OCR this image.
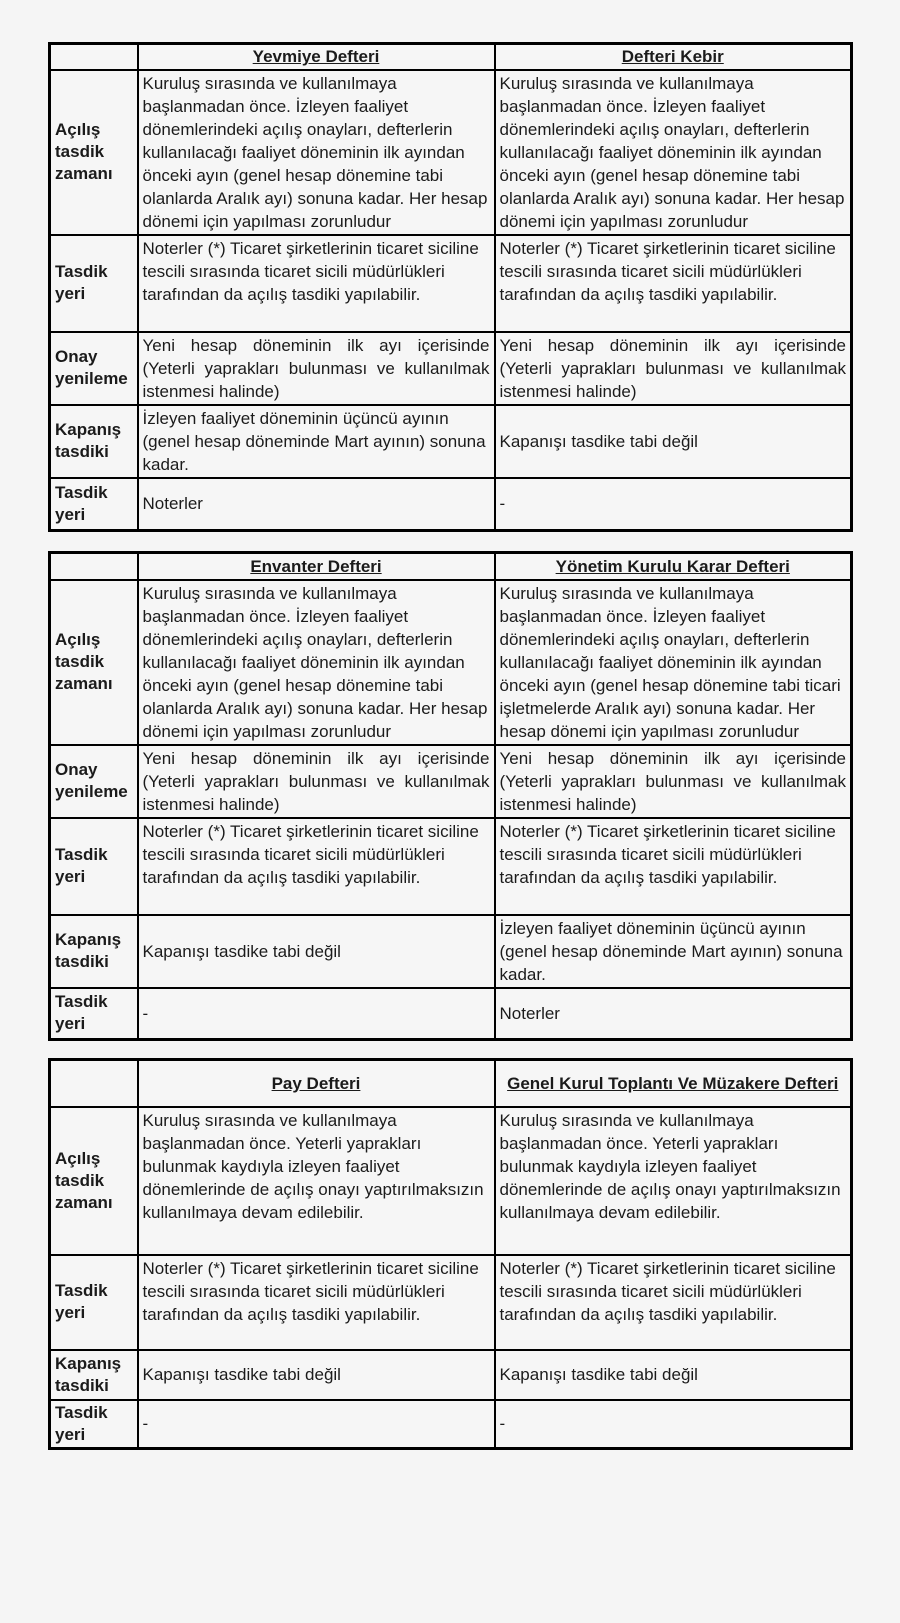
	Yevmiye Defteri	Defteri Kebir
Açılış tasdik zamanı	Kuruluş sırasında ve kullanılmaya başlanmadan önce. İzleyen faaliyet dönemlerindeki açılış onayları, defterlerin kullanılacağı faaliyet döneminin ilk ayından önceki ayın (genel hesap dönemine tabi olanlarda Aralık ayı) sonuna kadar. Her hesap dönemi için yapılması zorunludur	Kuruluş sırasında ve kullanılmaya başlanmadan önce. İzleyen faaliyet dönemlerindeki açılış onayları, defterlerin kullanılacağı faaliyet döneminin ilk ayından önceki ayın (genel hesap dönemine tabi olanlarda Aralık ayı) sonuna kadar. Her hesap dönemi için yapılması zorunludur
Tasdik yeri	Noterler (*) Ticaret şirketlerinin ticaret siciline tescili sırasında ticaret sicili müdürlükleri tarafından da açılış tasdiki yapılabilir.	Noterler (*) Ticaret şirketlerinin ticaret siciline tescili sırasında ticaret sicili müdürlükleri tarafından da açılış tasdiki yapılabilir.
Onay yenileme	Yeni hesap döneminin ilk ayı içerisinde (Yeterli yaprakları bulunması ve kullanılmak istenmesi halinde)	Yeni hesap döneminin ilk ayı içerisinde (Yeterli yaprakları bulunması ve kullanılmak istenmesi halinde)
Kapanış tasdiki	İzleyen faaliyet döneminin üçüncü ayının (genel hesap döneminde Mart ayının) sonuna kadar.	Kapanışı tasdike tabi değil
Tasdik yeri	Noterler	-
	Envanter Defteri	Yönetim Kurulu Karar Defteri
Açılış tasdik zamanı	Kuruluş sırasında ve kullanılmaya başlanmadan önce. İzleyen faaliyet dönemlerindeki açılış onayları, defterlerin kullanılacağı faaliyet döneminin ilk ayından önceki ayın (genel hesap dönemine tabi olanlarda Aralık ayı) sonuna kadar. Her hesap dönemi için yapılması zorunludur	Kuruluş sırasında ve kullanılmaya başlanmadan önce. İzleyen faaliyet dönemlerindeki açılış onayları, defterlerin kullanılacağı faaliyet döneminin ilk ayından önceki ayın (genel hesap dönemine tabi ticari işletmelerde Aralık ayı) sonuna kadar. Her hesap dönemi için yapılması zorunludur
Onay yenileme	Yeni hesap döneminin ilk ayı içerisinde (Yeterli yaprakları bulunması ve kullanılmak istenmesi halinde)	Yeni hesap döneminin ilk ayı içerisinde (Yeterli yaprakları bulunması ve kullanılmak istenmesi halinde)
Tasdik yeri	Noterler (*) Ticaret şirketlerinin ticaret siciline tescili sırasında ticaret sicili müdürlükleri tarafından da açılış tasdiki yapılabilir.	Noterler (*) Ticaret şirketlerinin ticaret siciline tescili sırasında ticaret sicili müdürlükleri tarafından da açılış tasdiki yapılabilir.
Kapanış tasdiki	Kapanışı tasdike tabi değil	İzleyen faaliyet döneminin üçüncü ayının (genel hesap döneminde Mart ayının) sonuna kadar.
Tasdik yeri	-	Noterler
	Pay Defteri	Genel Kurul Toplantı Ve Müzakere Defteri
Açılış tasdik zamanı	Kuruluş sırasında ve kullanılmaya başlanmadan önce. Yeterli yaprakları bulunmak kaydıyla izleyen faaliyet dönemlerinde de açılış onayı yaptırılmaksızın kullanılmaya devam edilebilir.	Kuruluş sırasında ve kullanılmaya başlanmadan önce. Yeterli yaprakları bulunmak kaydıyla izleyen faaliyet dönemlerinde de açılış onayı yaptırılmaksızın kullanılmaya devam edilebilir.
Tasdik yeri	Noterler (*) Ticaret şirketlerinin ticaret siciline tescili sırasında ticaret sicili müdürlükleri tarafından da açılış tasdiki yapılabilir.	Noterler (*) Ticaret şirketlerinin ticaret siciline tescili sırasında ticaret sicili müdürlükleri tarafından da açılış tasdiki yapılabilir.
Kapanış tasdiki	Kapanışı tasdike tabi değil	Kapanışı tasdike tabi değil
Tasdik yeri	-	-
